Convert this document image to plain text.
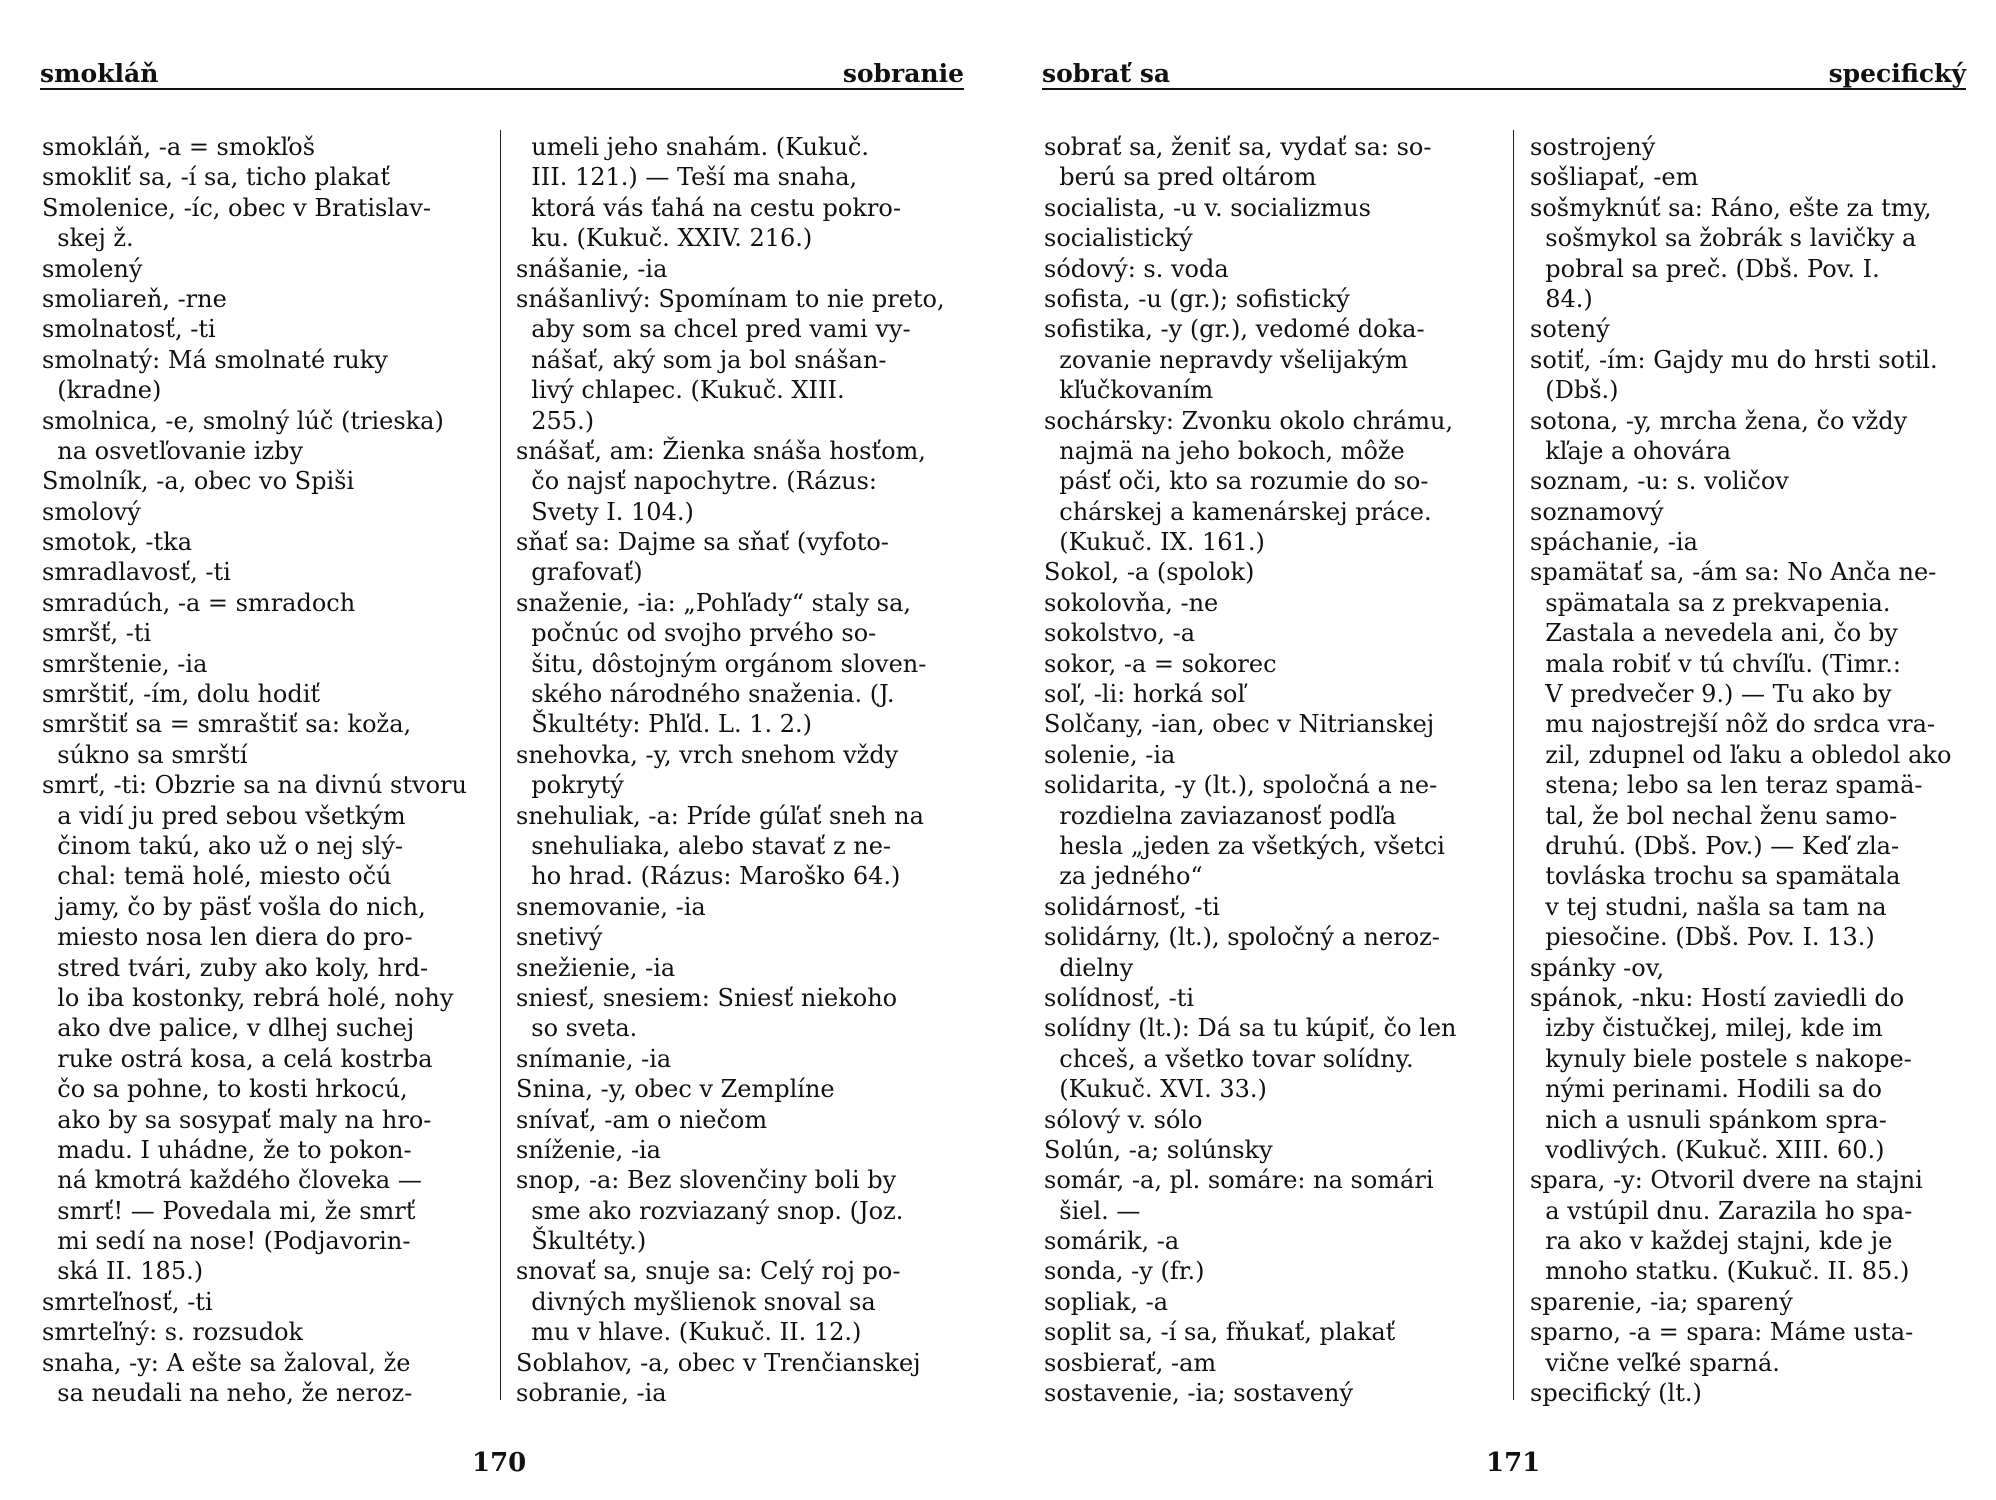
smokláň	sobranie
smokláň, -a = smokľoš
smokliť sa, -í sa, ticho plakať
Smolenice, -íc, obec v Bratislav-
skej ž.
smolený
smoliareň, -rne
smolnatosť, -ti
smolnatý: Má smolnaté ruky
(kradne)
smolnica, -e, smolný lúč (trieska)
na osvetľovanie izby
Smolník, -a, obec vo Spiši
smolový
smotok, -tka
smradlavosť, -ti
smradúch, -a = smradoch
smršť, -ti
smrštenie, -ia
smrštiť, -ím, dolu hodiť
smrštiť sa = smraštiť sa: koža,
súkno sa smrští
smrť, -ti: Obzrie sa na divnú stvoru
a vidí ju pred sebou všetkým
činom takú, ako už o nej slý-
chal: temä holé, miesto očú
jamy, čo by päsť vošla do nich,
miesto nosa len diera do pro-
stred tvári, zuby ako koly, hrd-
lo iba kostonky, rebrá holé, nohy
ako dve palice, v dlhej suchej
ruke ostrá kosa, a celá kostrba
čo sa pohne, to kosti hrkocú,
ako by sa sosypať maly na hro-
madu. I uhádne, že to pokon-
ná kmotrá každého človeka —
smrť! — Povedala mi, že smrť
mi sedí na nose! (Podjavorin-
ská II. 185.)
smrteľnosť, -ti
smrteľný: s. rozsudok
snaha, -y: A ešte sa žaloval, že
sa neudali na neho, že neroz-
umeli jeho snahám. (Kukuč.
III. 121.) — Teší ma snaha,
ktorá vás ťahá na cestu pokro-
ku. (Kukuč. XXIV. 216.)
snášanie, -ia
snášanlivý: Spomínam to nie preto,
aby som sa chcel pred vami vy-
nášať, aký som ja bol snášan-
livý chlapec. (Kukuč. XIII.
255.)
snášať, am: Žienka snáša hosťom,
čo najsť napochytre. (Rázus:
Svety I. 104.)
sňať sa: Dajme sa sňať (vyfoto-
grafovať)
snaženie, -ia: „Pohľady“ staly sa,
počnúc od svojho prvého so-
šitu, dôstojným orgánom sloven-
ského národného snaženia. (J.
Škultéty: Phľd. L. 1. 2.)
snehovka, -y, vrch snehom vždy
pokrytý
snehuliak, -a: Príde gúľať sneh na
snehuliaka, alebo stavať z ne-
ho hrad. (Rázus: Maroško 64.)
snemovanie, -ia
snetivý
snežienie, -ia
sniesť, snesiem: Sniesť niekoho
so sveta.
snímanie, -ia
Snina, -y, obec v Zemplíne
snívať, -am o niečom
sníženie, -ia
snop, -a: Bez slovenčiny boli by
sme ako rozviazaný snop. (Joz.
Škultéty.)
snovať sa, snuje sa: Celý roj po-
divných myšlienok snoval sa
mu v hlave. (Kukuč. II. 12.)
Soblahov, -a, obec v Trenčianskej
sobranie, -ia
170
sobrať sa	specifický
sobrať sa, ženiť sa, vydať sa: so-
berú sa pred oltárom
socialista, -u v. socializmus
socialistický
sódový: s. voda
sofista, -u (gr.); sofistický
sofistika, -y (gr.), vedomé doka-
zovanie nepravdy všelijakým
kľučkovaním
sochársky: Zvonku okolo chrámu,
najmä na jeho bokoch, môže
pásť oči, kto sa rozumie do so-
chárskej a kamenárskej práce.
(Kukuč. IX. 161.)
Sokol, -a (spolok)
sokolovňa, -ne
sokolstvo, -a
sokor, -a = sokorec
soľ, -li: horká soľ
Solčany, -ian, obec v Nitrianskej
solenie, -ia
solidarita, -y (lt.), spoločná a ne-
rozdielna zaviazanosť podľa
hesla „jeden za všetkých, všetci
za jedného“
solidárnosť, -ti
solidárny, (lt.), spoločný a neroz-
dielny
solídnosť, -ti
solídny (lt.): Dá sa tu kúpiť, čo len
chceš, a všetko tovar solídny.
(Kukuč. XVI. 33.)
sólový v. sólo
Solún, -a; solúnsky
somár, -a, pl. somáre: na somári
šiel. —
somárik, -a
sonda, -y (fr.)
sopliak, -a
soplit sa, -í sa, fňukať, plakať
sosbierať, -am
sostavenie, -ia; sostavený
sostrojený
sošliapať, -em
sošmyknúť sa: Ráno, ešte za tmy,
sošmykol sa žobrák s lavičky a
pobral sa preč. (Dbš. Pov. I.
84.)
sotený
sotiť, -ím: Gajdy mu do hrsti sotil.
(Dbš.)
sotona, -y, mrcha žena, čo vždy
kľaje a ohovára
soznam, -u: s. voličov
soznamový
spáchanie, -ia
spamätať sa, -ám sa: No Anča ne-
spämatala sa z prekvapenia.
Zastala a nevedela ani, čo by
mala robiť v tú chvíľu. (Timr.:
V predvečer 9.) — Tu ako by
mu najostrejší nôž do srdca vra-
zil, zdupnel od ľaku a obledol ako
stena; lebo sa len teraz spamä-
tal, že bol nechal ženu samo-
druhú. (Dbš. Pov.) — Keď zla-
tovláska trochu sa spamätala
v tej studni, našla sa tam na
piesočine. (Dbš. Pov. I. 13.)
spánky -ov,
spánok, -nku: Hostí zaviedli do
izby čistučkej, milej, kde im
kynuly biele postele s nakope-
nými perinami. Hodili sa do
nich a usnuli spánkom spra-
vodlivých. (Kukuč. XIII. 60.)
spara, -y: Otvoril dvere na stajni
a vstúpil dnu. Zarazila ho spa-
ra ako v každej stajni, kde je
mnoho statku. (Kukuč. II. 85.)
sparenie, -ia; sparený
sparno, -a = spara: Máme usta-
vične veľké sparná.
specifický (lt.)
171
